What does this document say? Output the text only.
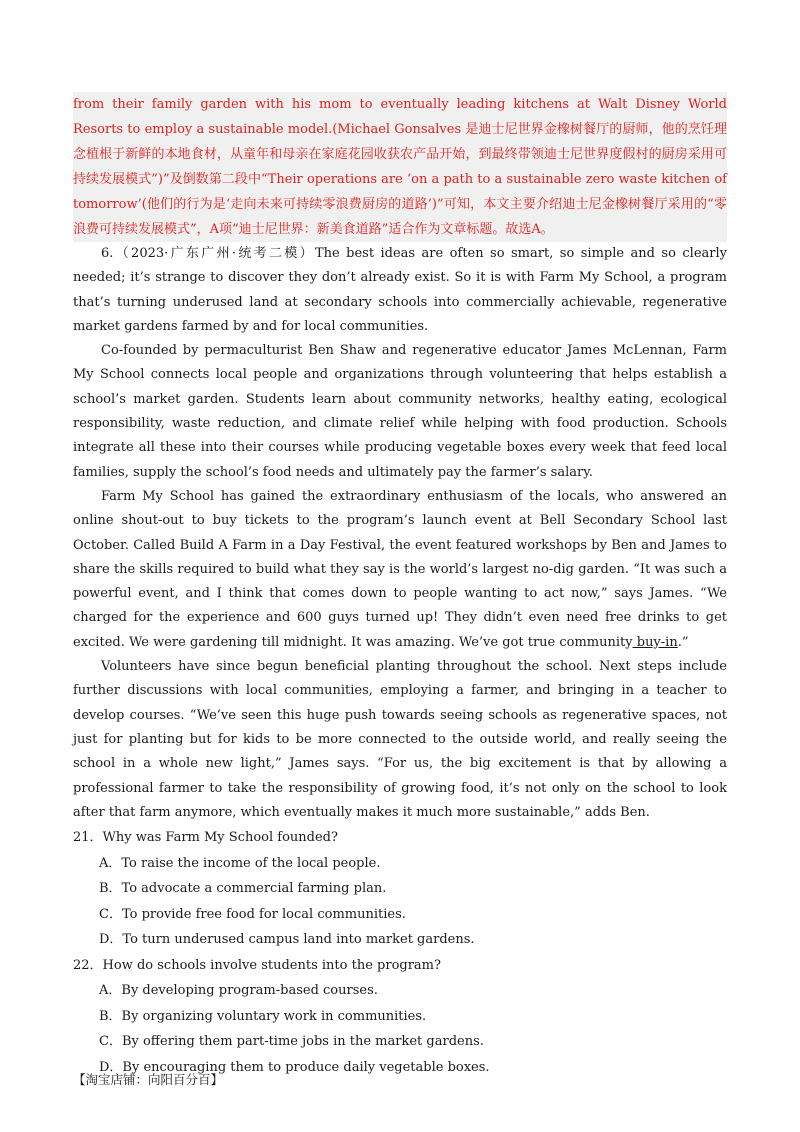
from their family garden with his mom to eventually leading kitchens at Walt Disney World Resorts to employ a sustainable model.(Michael Gonsalves 是迪士尼世界金橡树餐厅的厨师，他的烹饪理念植根于新鲜的本地食材，从童年和母亲在家庭花园收获农产品开始，到最终带领迪士尼世界度假村的厨房采用可持续发展模式”)”及倒数第二段中“Their operations are ‘on a path to a sustainable zero waste kitchen of tomorrow’(他们的行为是‘走向未来可持续零浪费厨房的道路’)”可知，本文主要介绍迪士尼金橡树餐厅采用的“零浪费可持续发展模式”，A项“迪士尼世界：新美食道路”适合作为文章标题。故选A。

6.（2023·广东广州·统考二模）The best ideas are often so smart, so simple and so clearly needed; it’s strange to discover they don’t already exist. So it is with Farm My School, a program that’s turning underused land at secondary schools into commercially achievable, regenerative market gardens farmed by and for local communities.

Co-founded by permaculturist Ben Shaw and regenerative educator James McLennan, Farm My School connects local people and organizations through volunteering that helps establish a school’s market garden. Students learn about community networks, healthy eating, ecological responsibility, waste reduction, and climate relief while helping with food production. Schools integrate all these into their courses while producing vegetable boxes every week that feed local families, supply the school’s food needs and ultimately pay the farmer’s salary.

Farm My School has gained the extraordinary enthusiasm of the locals, who answered an online shout-out to buy tickets to the program’s launch event at Bell Secondary School last October. Called Build A Farm in a Day Festival, the event featured workshops by Ben and James to share the skills required to build what they say is the world’s largest no-dig garden. “It was such a powerful event, and I think that comes down to people wanting to act now,” says James. “We charged for the experience and 600 guys turned up! They didn’t even need free drinks to get excited. We were gardening till midnight. It was amazing. We’ve got true community buy-in.”

Volunteers have since begun beneficial planting throughout the school. Next steps include further discussions with local communities, employing a farmer, and bringing in a teacher to develop courses. “We’ve seen this huge push towards seeing schools as regenerative spaces, not just for planting but for kids to be more connected to the outside world, and really seeing the school in a whole new light,” James says. “For us, the big excitement is that by allowing a professional farmer to take the responsibility of growing food, it’s not only on the school to look after that farm anymore, which eventually makes it much more sustainable,” adds Ben.

21．Why was Farm My School founded?

A．To raise the income of the local people.

B．To advocate a commercial farming plan.

C．To provide free food for local communities.

D．To turn underused campus land into market gardens.

22．How do schools involve students into the program?

A．By developing program-based courses.

B．By organizing voluntary work in communities.

C．By offering them part-time jobs in the market gardens.

D．By encouraging them to produce daily vegetable boxes.

【淘宝店铺：向阳百分百】
